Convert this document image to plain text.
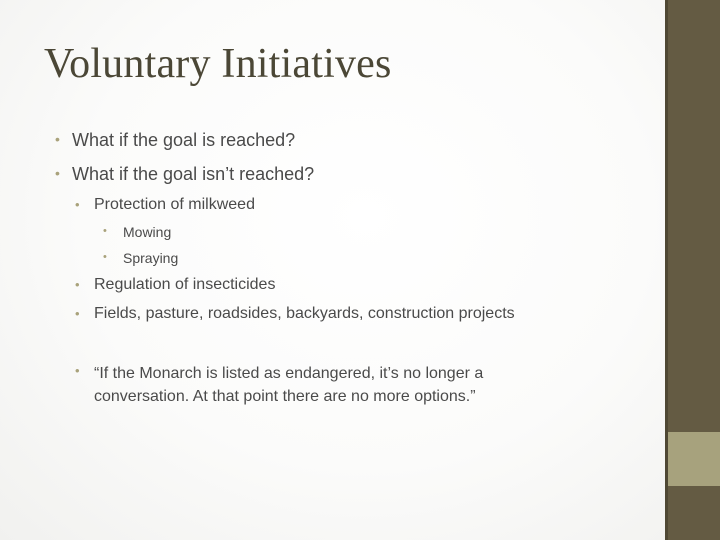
Voluntary Initiatives
• What if the goal is reached?
• What if the goal isn’t reached?
• Protection of milkweed
• Mowing
• Spraying
• Regulation of insecticides
• Fields, pasture, roadsides, backyards, construction projects
• “If the Monarch is listed as endangered, it’s no longer a conversation. At that point there are no more options.”
